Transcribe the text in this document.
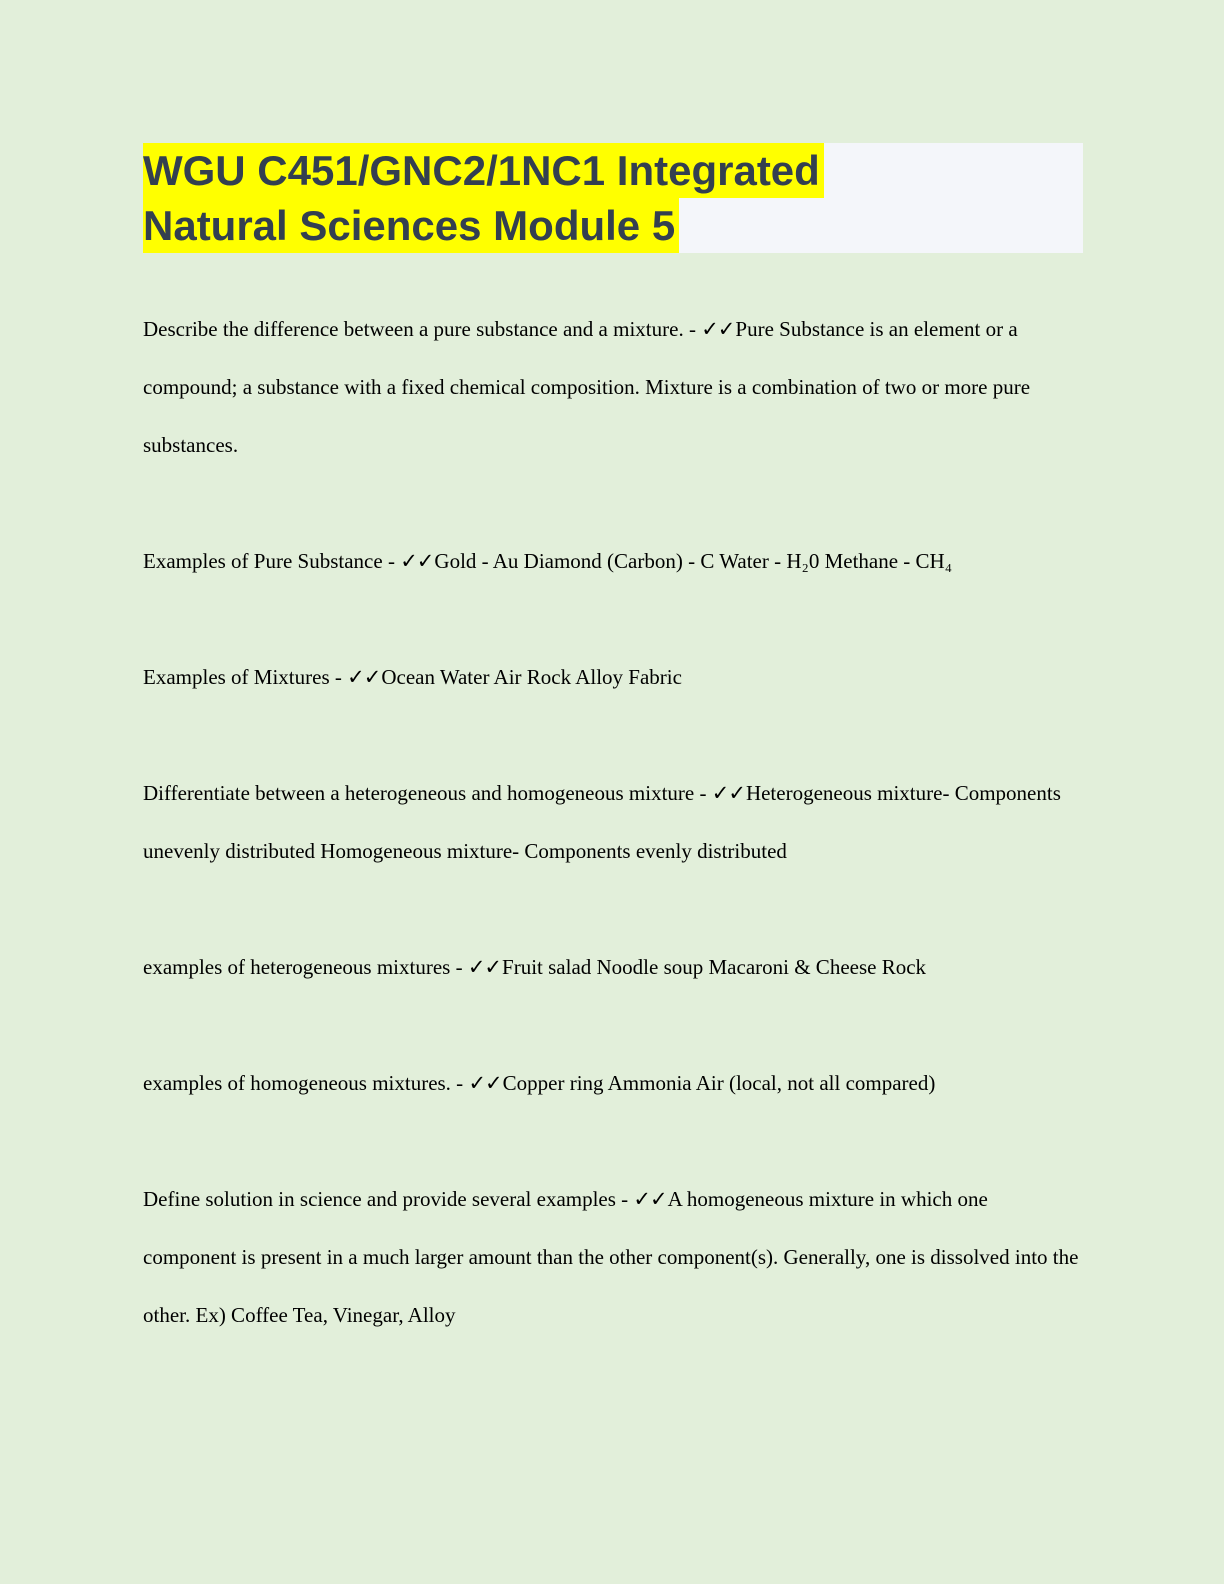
WGU C451/GNC2/1NC1 Integrated
Natural Sciences Module 5

Describe the difference between a pure substance and a mixture. - ✓✓Pure Substance is an element or a compound; a substance with a fixed chemical composition. Mixture is a combination of two or more pure substances.

Examples of Pure Substance - ✓✓Gold - Au Diamond (Carbon) - C Water - H₂0 Methane - CH₄

Examples of Mixtures - ✓✓Ocean Water Air Rock Alloy Fabric

Differentiate between a heterogeneous and homogeneous mixture - ✓✓Heterogeneous mixture- Components unevenly distributed Homogeneous mixture- Components evenly distributed

examples of heterogeneous mixtures - ✓✓Fruit salad Noodle soup Macaroni & Cheese Rock

examples of homogeneous mixtures. - ✓✓Copper ring Ammonia Air (local, not all compared)

Define solution in science and provide several examples - ✓✓A homogeneous mixture in which one component is present in a much larger amount than the other component(s). Generally, one is dissolved into the other. Ex) Coffee Tea, Vinegar, Alloy
